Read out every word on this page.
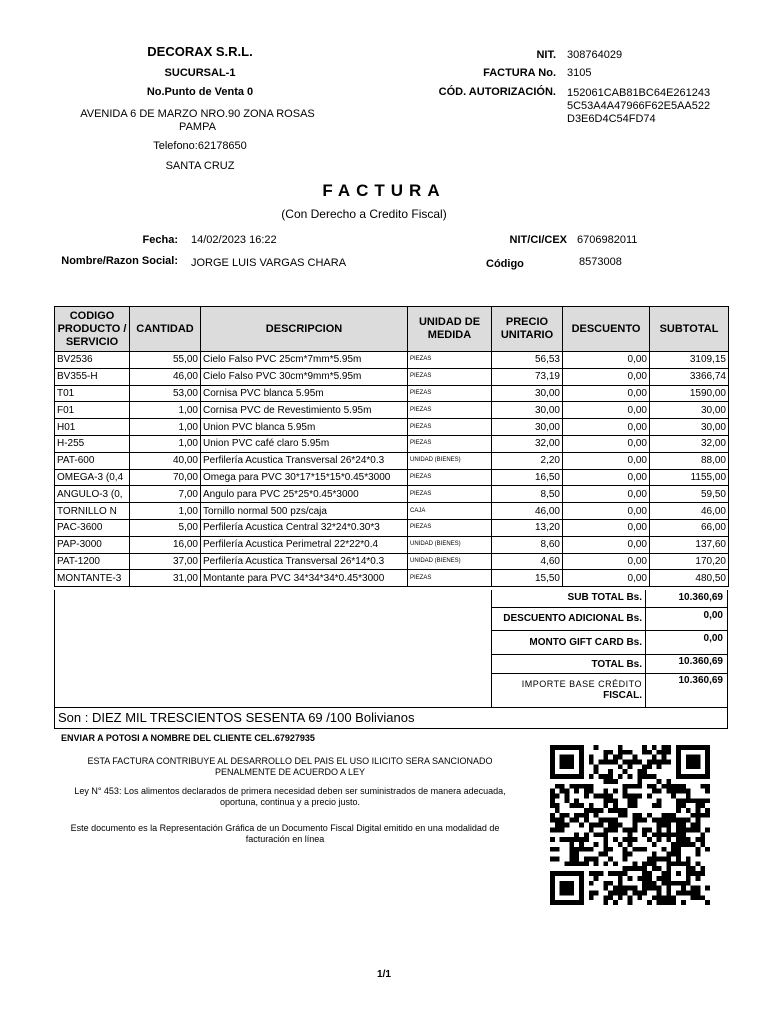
DECORAX S.R.L.
SUCURSAL-1
No.Punto de Venta 0
AVENIDA 6 DE MARZO NRO.90 ZONA ROSAS PAMPA
Telefono:62178650
SANTA CRUZ
NIT. 308764029
FACTURA No. 3105
CÓD. AUTORIZACIÓN. 152061CAB81BC64E261243
5C53A4A47966F62E5AA522
D3E6D4C54FD74
FACTURA
(Con Derecho a Credito Fiscal)
Fecha: 14/02/2023 16:22
Nombre/Razon Social: JORGE LUIS VARGAS CHARA
NIT/CI/CEX 6706982011
Código	8573008
CODIGO PRODUCTO / SERVICIO	CANTIDAD	DESCRIPCION	UNIDAD DE MEDIDA	PRECIO UNITARIO	DESCUENTO	SUBTOTAL
BV2536	55,00	Cielo Falso PVC 25cm*7mm*5.95m	PIEZAS	56,53	0,00	3109,15
BV355-H	46,00	Cielo Falso PVC 30cm*9mm*5.95m	PIEZAS	73,19	0,00	3366,74
T01	53,00	Cornisa PVC blanca 5.95m	PIEZAS	30,00	0,00	1590,00
F01	1,00	Cornisa PVC de Revestimiento 5.95m	PIEZAS	30,00	0,00	30,00
H01	1,00	Union PVC blanca 5.95m	PIEZAS	30,00	0,00	30,00
H-255	1,00	Union PVC café claro 5.95m	PIEZAS	32,00	0,00	32,00
PAT-600	40,00	Perfilería Acustica Transversal 26*24*0.3	UNIDAD (BIENES)	2,20	0,00	88,00
OMEGA-3 (0,4	70,00	Omega para PVC 30*17*15*15*0.45*3000	PIEZAS	16,50	0,00	1155,00
ANGULO-3 (0,	7,00	Angulo para PVC 25*25*0.45*3000	PIEZAS	8,50	0,00	59,50
TORNILLO N	1,00	Tornillo normal 500 pzs/caja	CAJA	46,00	0,00	46,00
PAC-3600	5,00	Perfilería Acustica Central 32*24*0.30*3	PIEZAS	13,20	0,00	66,00
PAP-3000	16,00	Perfilería Acustica Perimetral 22*22*0.4	UNIDAD (BIENES)	8,60	0,00	137,60
PAT-1200	37,00	Perfilería Acustica Transversal 26*14*0.3	UNIDAD (BIENES)	4,60	0,00	170,20
MONTANTE-3	31,00	Montante para PVC 34*34*34*0.45*3000	PIEZAS	15,50	0,00	480,50
SUB TOTAL Bs.	10.360,69
DESCUENTO ADICIONAL Bs.	0,00
MONTO GIFT CARD Bs.	0,00
TOTAL Bs.	10.360,69
IMPORTE BASE CRÉDITO
FISCAL.
10.360,69
Son : DIEZ MIL TRESCIENTOS SESENTA 69 /100 Bolivianos
ENVIAR A POTOSI A NOMBRE DEL CLIENTE CEL.67927935
ESTA FACTURA CONTRIBUYE AL DESARROLLO DEL PAIS EL USO ILICITO SERA SANCIONADO PENALMENTE DE ACUERDO A LEY
Ley N° 453: Los alimentos declarados de primera necesidad deben ser suministrados de manera adecuada, oportuna, continua y a precio justo.
Este documento es la Representación Gráfica de un Documento Fiscal Digital emitido en una modalidad de facturación en línea
1/1
